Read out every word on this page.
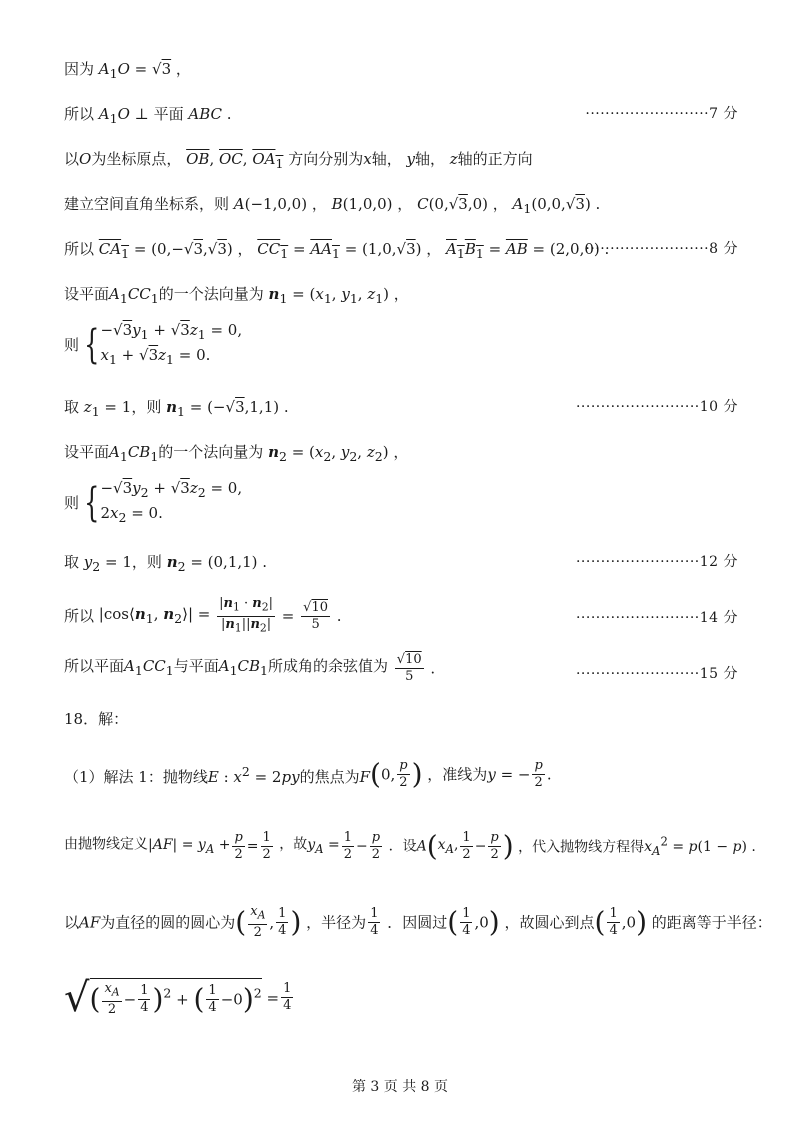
因为 $A_1O = √3$ ，
所以 $A_1O$ ⊥ 平面 ABC .	·························7 分
以O为坐标原点， $\overline{OB}$, $\overline{OC}$, $OA_1$ 方向分别为x轴， y轴， z轴的正方向
建立空间直角坐标系，则 A(−1,0,0) ， B(1,0,0) ， C(0,√3,0) ， $A_1(0,0,√3)$ .
所以 $CA_1 = (0,-√3,√3)$ ， $CC_1 = AA_1 = (1,0,√3)$ ， $A_1B_1 = \overline{AB} = (2,0,0)$ .
·························8 分
设平面$A_1CC_1$的一个法向量为 $n_1 = (x_1$, $y_1$, $z_1$) ，
则 {$-√3y_1 + √3z_1 = 0$,
$x_1 + √3z_1 = 0$.
取 $z_1 = 1$，则 $n_1 = (-√3,1,1)$ .	·························10 分
设平面$A_1CB_1$的一个法向量为 $n_2 = (x_2$, $y_2$, $z_2$) ，
则 {$-√3y_2 + √3z_2 = 0$,
$2x_2 = 0$.
取 $y_2 = 1$，则 $n_2 = (0,1,1)$ .	·························12 分
所以 $|\cos⟨n_1$, $n_2⟩| = \frac{|n_1 \cdot n_2|}{|n_1||n_2|} = \frac{√10}{5}$ .	·························14 分
所以平面$A_1CC_1$与平面$A_1CB_1$所成角的余弦值为 $\frac{√10}{5}$ .	·························15 分
18．解：
（1）解法 1：抛物线E : $x^2 = 2py$的焦点为F(0, $\frac{p}{2}$ ) ，准线为y = − $\frac{p}{2}$ .
由抛物线定义$|AF| = y_A + \frac{p}{2} = \frac{1}{2}$ ，故$y_A = \frac{1}{2} - \frac{p}{2}$ ．设$A(x_A$, $\frac{1}{2} - \frac{p}{2}$ ) ，代入抛物线方程得$x_A^2 = p(1 - p)$ .
以AF为直径的圆的圆心为( $\frac{x_A}{2}$ , $\frac{1}{4}$ ) ，半径为 $\frac{1}{4}$ ．因圆过( $\frac{1}{4} ,0$) ，故圆心到点( $\frac{1}{4} ,0$) 的距离等于半径：
√( $\frac{x_A}{2} - \frac{1}{4} )^2$ + ( $\frac{1}{4} -0)^2 = \frac{1}{4}$
第 3 页 共 8 页
